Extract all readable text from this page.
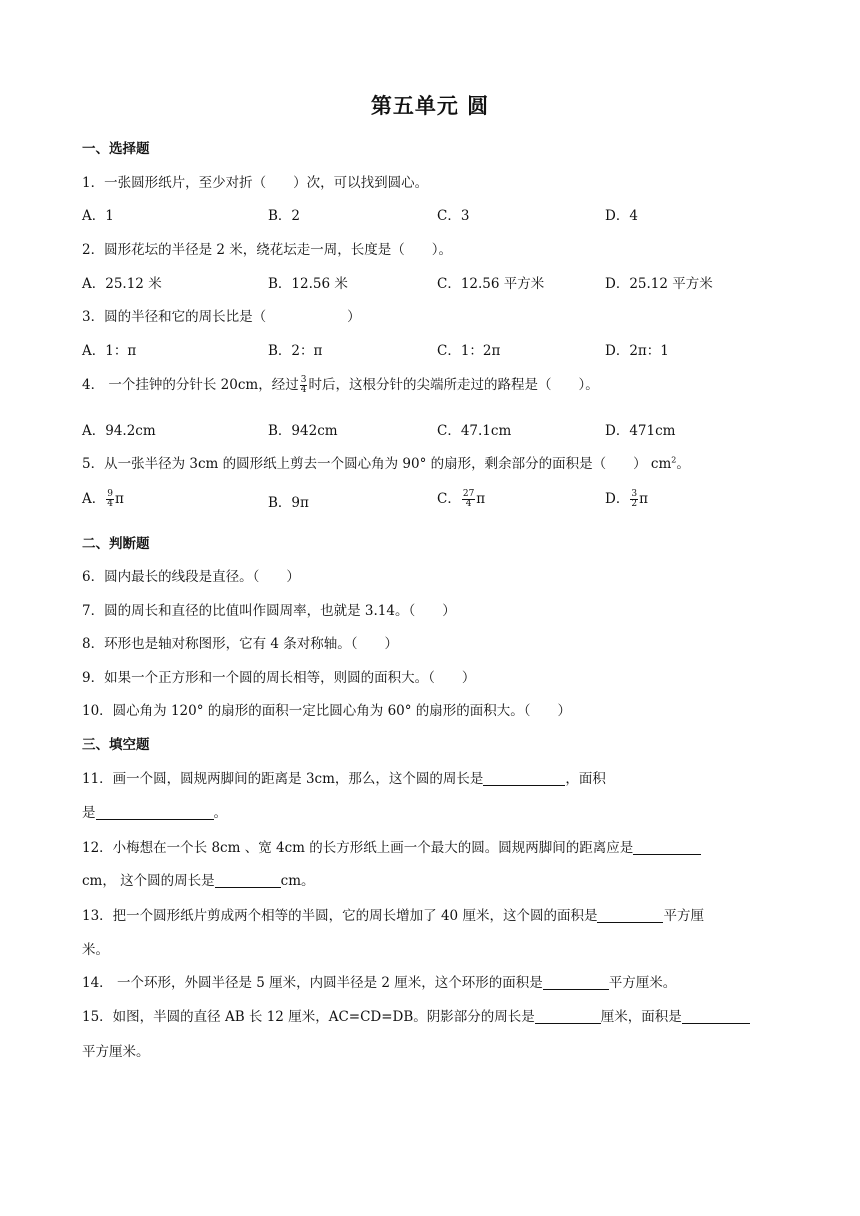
第五单元 圆
一、选择题
1．一张圆形纸片，至少对折（　　）次，可以找到圆心。
A．1	B．2	C．3	D．4
2．圆形花坛的半径是 2 米，绕花坛走一周，长度是（　　）。
A．25.12 米	B．12.56 米	C．12.56 平方米	D．25.12 平方米
3．圆的半径和它的周长比是（　　　　　　）
A．1：π	B．2：π	C．1：2π	D．2π：1
4． 一个挂钟的分针长 20cm，经过 $\frac{3}{4}$ 时后，这根分针的尖端所走过的路程是（　　）。
A．94.2cm	B．942cm	C．47.1cm	D．471cm
5．从一张半径为 3cm 的圆形纸上剪去一个圆心角为 90° 的扇形，剩余部分的面积是（　　） $cm^2$。
A． $\frac{9}{4}$ π	B．9π	C． $\frac{27}{4}$ π	D． $\frac{3}{2}$ π
二、判断题
6．圆内最长的线段是直径。（　　）
7．圆的周长和直径的比值叫作圆周率，也就是 3.14。（　　）
8．环形也是轴对称图形，它有 4 条对称轴。（　　）
9．如果一个正方形和一个圆的周长相等，则圆的面积大。（　　）
10．圆心角为 120° 的扇形的面积一定比圆心角为 60° 的扇形的面积大。（　　）
三、填空题
11．画一个圆，圆规两脚间的距离是 3cm，那么，这个圆的周长是	，面积
是	。
12．小梅想在一个长 8cm 、宽 4cm 的长方形纸上画一个最大的圆。圆规两脚间的距离应是
cm， 这个圆的周长是	cm。
13．把一个圆形纸片剪成两个相等的半圆，它的周长增加了 40 厘米，这个圆的面积是	平方厘
米。
14． 一个环形，外圆半径是 5 厘米，内圆半径是 2 厘米，这个环形的面积是	平方厘米。
15．如图，半圆的直径 AB 长 12 厘米，AC=CD=DB。阴影部分的周长是	厘米，面积是
平方厘米。
